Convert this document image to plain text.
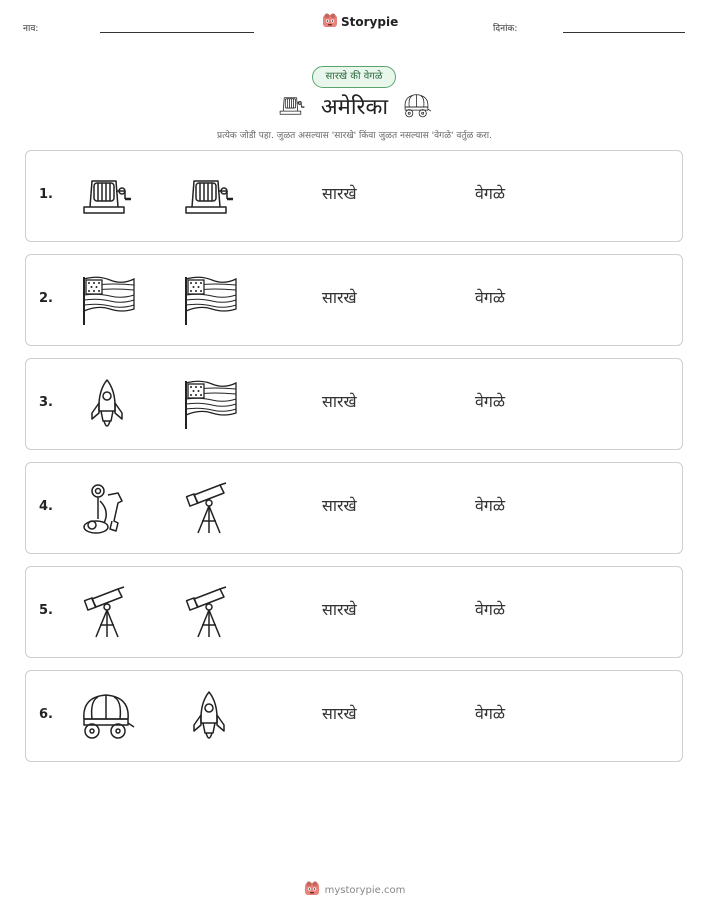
नाव:	Storypie	दिनांक:
सारखे की वेगळे
अमेरिका
प्रत्येक जोडी पहा. जुळत असल्यास 'सारखे' किंवा जुळत नसल्यास 'वेगळे' वर्तुळ करा.
1.	सारखे	वेगळे
2.	सारखे	वेगळे
3.	सारखे	वेगळे
4.	सारखे	वेगळे
5.	सारखे	वेगळे
6.	सारखे	वेगळे
mystorypie.com
